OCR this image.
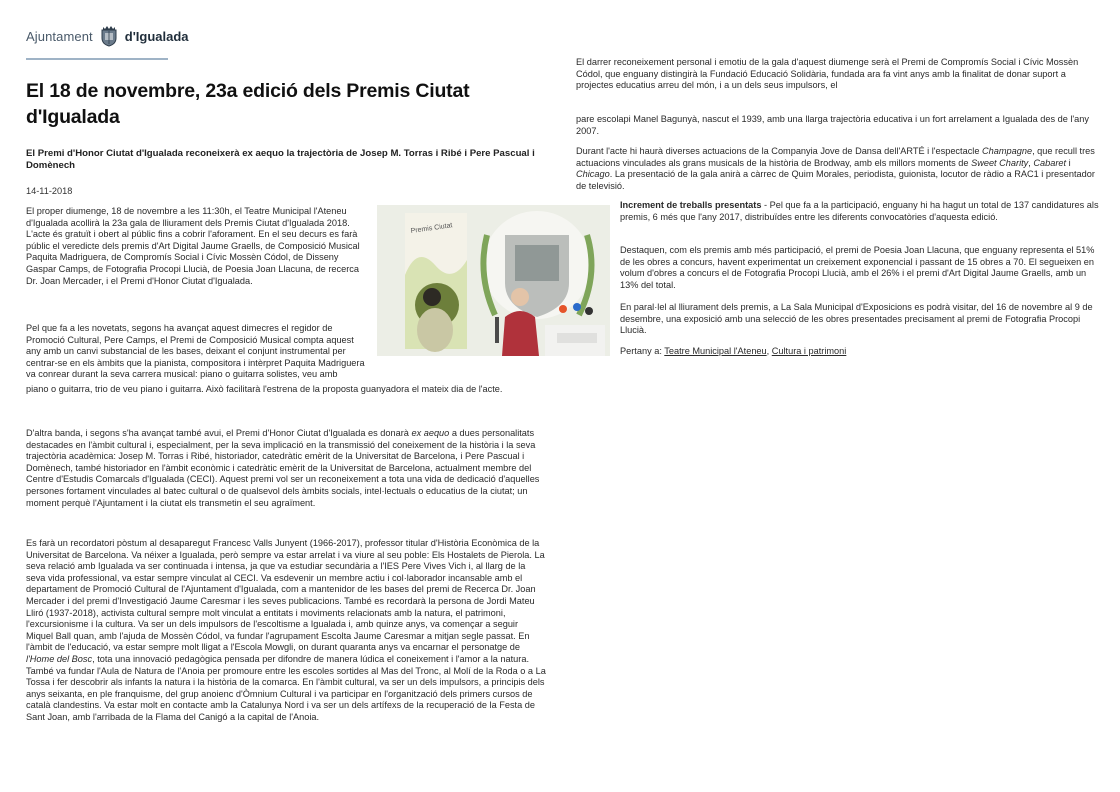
Ajuntament d'Igualada
El 18 de novembre, 23a edició dels Premis Ciutat d'Igualada

El Premi d'Honor Ciutat d'Igualada reconeixerà ex aequo la trajectòria de Josep M. Torras i Ribé i Pere Pascual i Domènech

14-11-2018

El proper diumenge, 18 de novembre a les 11:30h, el Teatre Municipal l'Ateneu d'Igualada acollirà la 23a gala de lliurament dels Premis Ciutat d'Igualada 2018. L'acte és gratuït i obert al públic fins a cobrir l'aforament. En el seu decurs es farà públic el veredicte dels premis d'Art Digital Jaume Graells, de Composició Musical Paquita Madriguera, de Compromís Social i Cívic Mossèn Códol, de Disseny Gaspar Camps, de Fotografia Procopi Llucià, de Poesia Joan Llacuna, de recerca Dr. Joan Mercader, i el Premi d'Honor Ciutat d'Igualada.

Premis Ciutat

Pel que fa a les novetats, segons ha avançat aquest dimecres el regidor de Promoció Cultural, Pere Camps, el Premi de Composició Musical compta aquest any amb un canvi substancial de les bases, deixant el conjunt instrumental per centrar-se en els àmbits que la pianista, compositora i intèrpret Paquita Madriguera va conrear durant la seva carrera musical: piano o guitarra solistes, veu amb

piano o guitarra, trio de veu piano i guitarra. Això facilitarà l'estrena de la proposta guanyadora el mateix dia de l'acte.

D'altra banda, i segons s'ha avançat també avui, el Premi d'Honor Ciutat d'Igualada es donarà ex aequo a dues personalitats destacades en l'àmbit cultural i, especialment, per la seva implicació en la transmissió del coneixement de la història i la seva trajectòria acadèmica: Josep M. Torras i Ribé, historiador, catedràtic emèrit de la Universitat de Barcelona, i Pere Pascual i Domènech, també historiador en l'àmbit econòmic i catedràtic emèrit de la Universitat de Barcelona, actualment membre del Centre d'Estudis Comarcals d'Igualada (CECI). Aquest premi vol ser un reconeixement a tota una vida de dedicació d'aquelles persones fortament vinculades al batec cultural o de qualsevol dels àmbits socials, intel·lectuals o educatius de la ciutat; un moment perquè l'Ajuntament i la ciutat els transmetin el seu agraïment.

Es farà un recordatori pòstum al desaparegut Francesc Valls Junyent (1966-2017), professor titular d'Història Econòmica de la Universitat de Barcelona. Va néixer a Igualada, però sempre va estar arrelat i va viure al seu poble: Els Hostalets de Pierola. La seva relació amb Igualada va ser continuada i intensa, ja que va estudiar secundària a l'IES Pere Vives Vich i, al llarg de la seva vida professional, va estar sempre vinculat al CECI. Va esdevenir un membre actiu i col·laborador incansable amb el departament de Promoció Cultural de l'Ajuntament d'Igualada, com a mantenidor de les bases del premi de Recerca Dr. Joan Mercader i del premi d'Investigació Jaume Caresmar i les seves publicacions. També es recordarà la persona de Jordi Mateu Lliró (1937-2018), activista cultural sempre molt vinculat a entitats i moviments relacionats amb la natura, el patrimoni, l'excursionisme i la cultura. Va ser un dels impulsors de l'escoltisme a Igualada i, amb quinze anys, va començar a seguir Miquel Ball quan, amb l'ajuda de Mossèn Códol, va fundar l'agrupament Escolta Jaume Caresmar a mitjan segle passat. En l'àmbit de l'educació, va estar sempre molt lligat a l'Escola Mowgli, on durant quaranta anys va encarnar el personatge de l'Home del Bosc, tota una innovació pedagògica pensada per difondre de manera lúdica el coneixement i l'amor a la natura. També va fundar l'Aula de Natura de l'Anoia per promoure entre les escoles sortides al Mas del Tronc, al Molí de la Roda o a La Tossa i fer descobrir als infants la natura i la història de la comarca. En l'àmbit cultural, va ser un dels impulsors, a principis dels anys seixanta, en ple franquisme, del grup anoienc d'Òmnium Cultural i va participar en l'organització dels primers cursos de català clandestins. Va estar molt en contacte amb la Catalunya Nord i va ser un dels artífexs de la recuperació de la Festa de Sant Joan, amb l'arribada de la Flama del Canigó a la capital de l'Anoia.

El darrer reconeixement personal i emotiu de la gala d'aquest diumenge serà el Premi de Compromís Social i Cívic Mossèn Códol, que enguany distingirà la Fundació Educació Solidària, fundada ara fa vint anys amb la finalitat de donar suport a projectes educatius arreu del món, i a un dels seus impulsors, el

pare escolapi Manel Bagunyà, nascut el 1939, amb una llarga trajectòria educativa i un fort arrelament a Igualada des de l'any 2007.

Durant l'acte hi haurà diverses actuacions de la Companyia Jove de Dansa dell'ARTÉ i l'espectacle Champagne, que recull tres actuacions vinculades als grans musicals de la història de Brodway, amb els millors moments de Sweet Charity, Cabaret i Chicago. La presentació de la gala anirà a càrrec de Quim Morales, periodista, guionista, locutor de ràdio a RAC1 i presentador de televisió.

Increment de treballs presentats - Pel que fa a la participació, enguany hi ha hagut un total de 137 candidatures als premis, 6 més que l'any 2017, distribuïdes entre les diferents convocatòries d'aquesta edició.

Destaquen, com els premis amb més participació, el premi de Poesia Joan Llacuna, que enguany representa el 51% de les obres a concurs, havent experimentat un creixement exponencial i passant de 15 obres a 70. El segueixen en volum d'obres a concurs el de Fotografia Procopi Llucià, amb el 26% i el premi d'Art Digital Jaume Graells, amb un 13% del total.

En paral·lel al lliurament dels premis, a La Sala Municipal d'Exposicions es podrà visitar, del 16 de novembre al 9 de desembre, una exposició amb una selecció de les obres presentades precisament al premi de Fotografia Procopi Llucià.

Pertany a: Teatre Municipal l'Ateneu, Cultura i patrimoni
